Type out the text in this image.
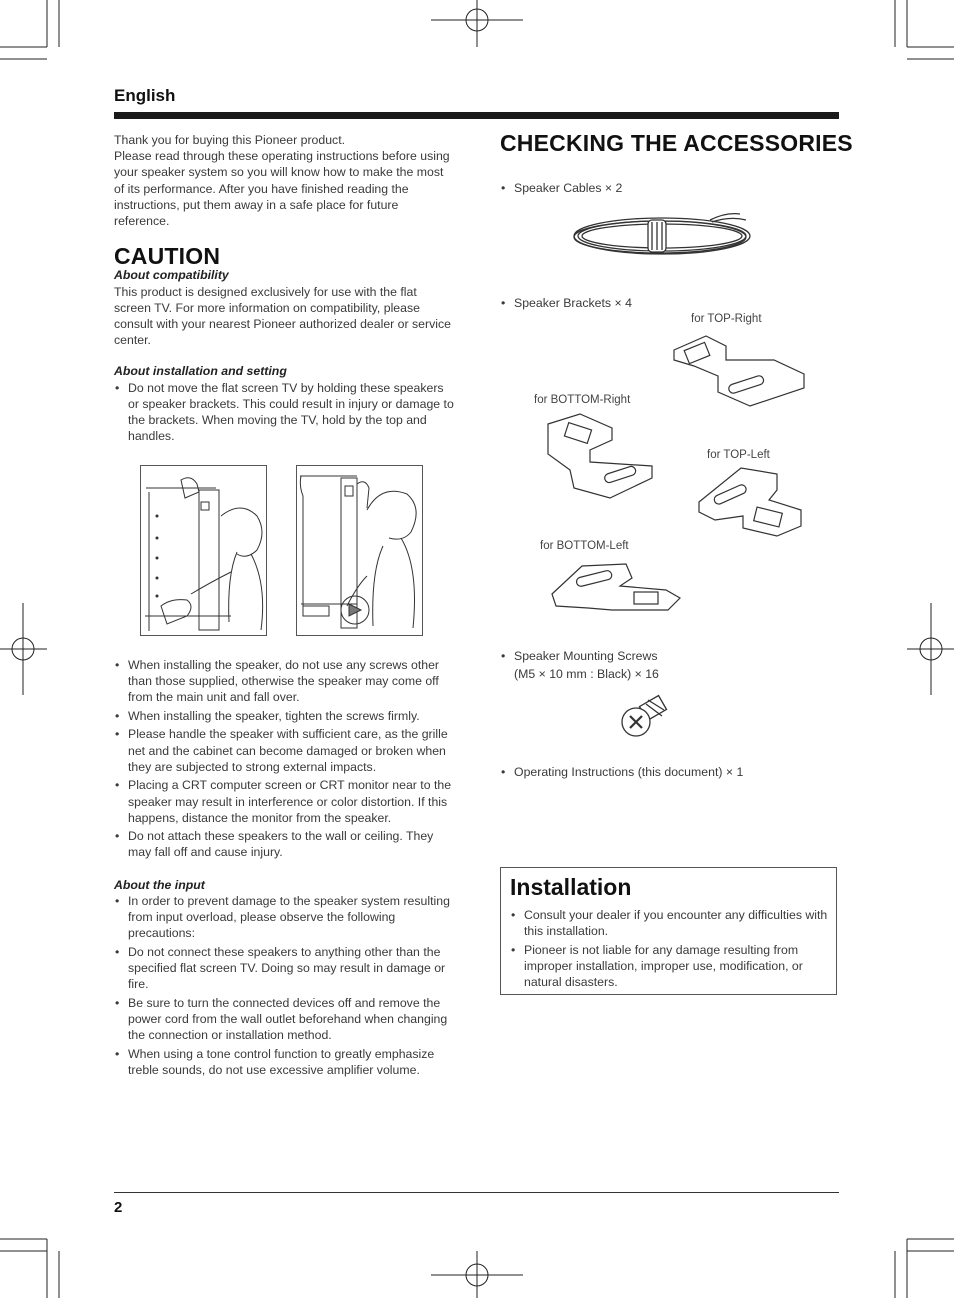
English

Thank you for buying this Pioneer product.

Please read through these operating instructions before using your speaker system so you will know how to make the most of its performance. After you have finished reading the instructions, put them away in a safe place for future reference.

CAUTION

About compatibility

This product is designed exclusively for use with the flat screen TV. For more information on compatibility, please consult with your nearest Pioneer authorized dealer or service center.

About installation and setting

• Do not move the flat screen TV by holding these speakers or speaker brackets. This could result in injury or damage to the brackets. When moving the TV, hold by the top and handles.
• When installing the speaker, do not use any screws other than those supplied, otherwise the speaker may come off from the main unit and fall over.
• When installing the speaker, tighten the screws firmly.
• Please handle the speaker with sufficient care, as the grille net and the cabinet can become damaged or broken when they are subjected to strong external impacts.
• Placing a CRT computer screen or CRT monitor near to the speaker may result in interference or color distortion. If this happens, distance the monitor from the speaker.
• Do not attach these speakers to the wall or ceiling. They may fall off and cause injury.

About the input

• In order to prevent damage to the speaker system resulting from input overload, please observe the following precautions:
• Do not connect these speakers to anything other than the specified flat screen TV. Doing so may result in damage or fire.
• Be sure to turn the connected devices off and remove the power cord from the wall outlet beforehand when changing the connection or installation method.
• When using a tone control function to greatly emphasize treble sounds, do not use excessive amplifier volume.
CHECKING THE ACCESSORIES
• Speaker Cables × 2
• Speaker Brackets × 4
for TOP-Right
for BOTTOM-Right
for TOP-Left
for BOTTOM-Left
• Speaker Mounting Screws
(M5 × 10 mm : Black) × 16
• Operating Instructions (this document) × 1
Installation
• Consult your dealer if you encounter any difficulties with this installation.
• Pioneer is not liable for any damage resulting from improper installation, improper use, modification, or natural disasters.
2
